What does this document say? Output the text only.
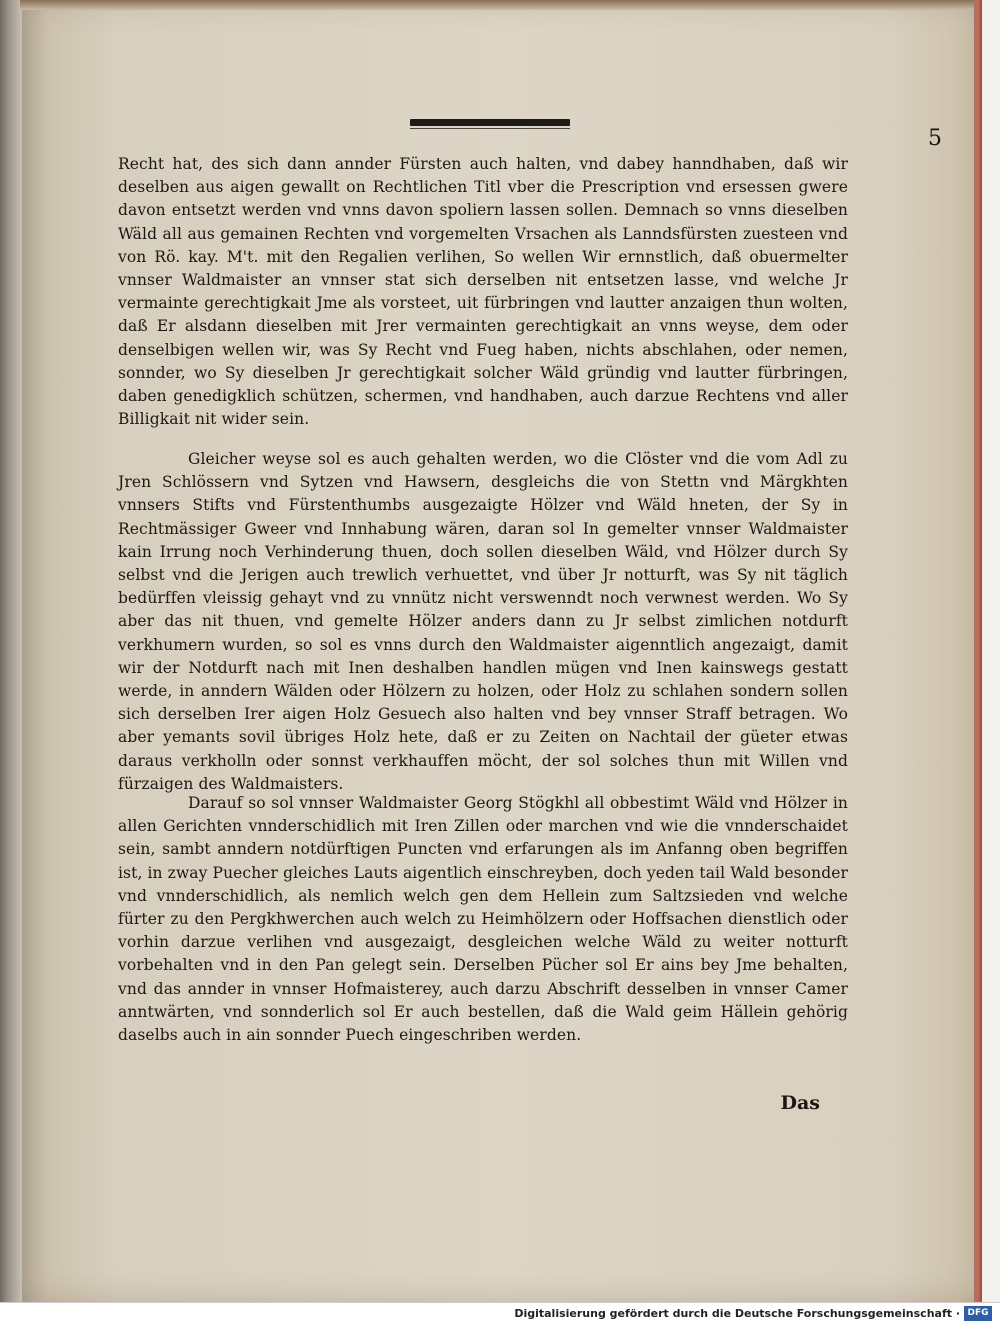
5

Recht hat, des sich dann annder Fürsten auch halten, vnd dabey hanndhaben, daß wir deselben aus aigen gewallt on Rechtlichen Titl vber die Prescription vnd ersessen gwere davon entsetzt werden vnd vnns davon spoliern lassen sollen. Demnach so vnns dieselben Wäld all aus gemainen Rechten vnd vorgemelten Vrsachen als Lanndsfürsten zuesteen vnd von Rö. kay. M't. mit den Regalien verlihen, So wellen Wir ernnstlich, daß obuermelter vnnser Waldmaister an vnnser stat sich derselben nit entsetzen lasse, vnd welche Jr vermainte gerechtigkait Jme als vorsteet, uit fürbringen vnd lautter anzaigen thun wolten, daß Er alsdann dieselben mit Jrer vermainten gerechtigkait an vnns weyse, dem oder denselbigen wellen wir, was Sy Recht vnd Fueg haben, nichts abschlahen, oder nemen, sonnder, wo Sy dieselben Jr gerechtigkait solcher Wäld gründig vnd lautter fürbringen, daben genedigklich schützen, schermen, vnd handhaben, auch darzue Rechtens vnd aller Billigkait nit wider sein.

Gleicher weyse sol es auch gehalten werden, wo die Clöster vnd die vom Adl zu Jren Schlössern vnd Sytzen vnd Hawsern, desgleichs die von Stettn vnd Märgkhten vnnsers Stifts vnd Fürstenthumbs ausgezaigte Hölzer vnd Wäld hneten, der Sy in Rechtmässiger Gweer vnd Innhabung wären, daran sol In gemelter vnnser Waldmaister kain Irrung noch Verhinderung thuen, doch sollen dieselben Wäld, vnd Hölzer durch Sy selbst vnd die Jerigen auch trewlich verhuettet, vnd über Jr notturft, was Sy nit täglich bedürffen vleissig gehayt vnd zu vnnütz nicht verswenndt noch verwnest werden. Wo Sy aber das nit thuen, vnd gemelte Hölzer anders dann zu Jr selbst zimlichen notdurft verkhumern wurden, so sol es vnns durch den Waldmaister aigenntlich angezaigt, damit wir der Notdurft nach mit Inen deshalben handlen mügen vnd Inen kainswegs gestatt werde, in anndern Wälden oder Hölzern zu holzen, oder Holz zu schlahen sondern sollen sich derselben Irer aigen Holz Gesuech also halten vnd bey vnnser Straff betragen. Wo aber yemants sovil übriges Holz hete, daß er zu Zeiten on Nachtail der güeter etwas daraus verkholln oder sonnst verkhauffen möcht, der sol solches thun mit Willen vnd fürzaigen des Waldmaisters.

Darauf so sol vnnser Waldmaister Georg Stögkhl all obbestimt Wäld vnd Hölzer in allen Gerichten vnnderschidlich mit Iren Zillen oder marchen vnd wie die vnnderschaidet sein, sambt anndern notdürftigen Puncten vnd erfarungen als im Anfanng oben begriffen ist, in zway Puecher gleiches Lauts aigentlich einschreyben, doch yeden tail Wald besonder vnd vnnderschidlich, als nemlich welch gen dem Hellein zum Saltzsieden vnd welche fürter zu den Pergkhwerchen auch welch zu Heimhölzern oder Hoffsachen dienstlich oder vorhin darzue verlihen vnd ausgezaigt, desgleichen welche Wäld zu weiter notturft vorbehalten vnd in den Pan gelegt sein. Derselben Pücher sol Er ains bey Jme behalten, vnd das annder in vnnser Hofmaisterey, auch darzu Abschrift desselben in vnnser Camer anntwärten, vnd sonnderlich sol Er auch bestellen, daß die Wald geim Hällein gehörig daselbs auch in ain sonnder Puech eingeschriben werden.

Das
Digitalisierung gefördert durch die Deutsche Forschungsgemeinschaft · DFG
